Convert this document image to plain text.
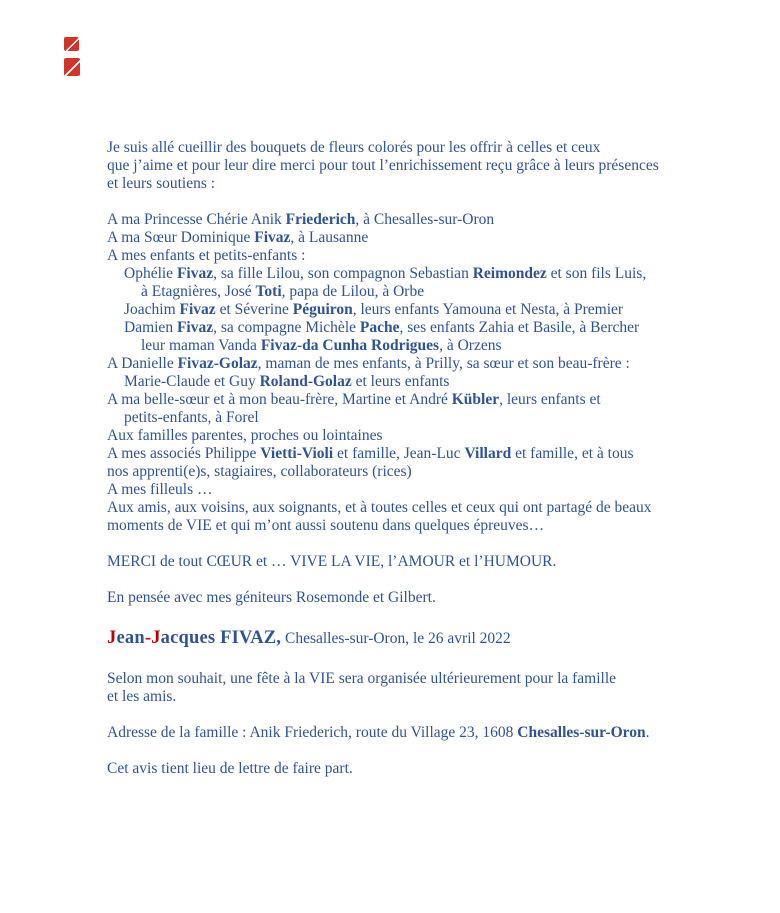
Je suis allé cueillir des bouquets de fleurs colorés pour les offrir à celles et ceux
que j’aime et pour leur dire merci pour tout l’enrichissement reçu grâce à leurs présences
et leurs soutiens :

A ma Princesse Chérie Anik Friederich, à Chesalles-sur-Oron
A ma Sœur Dominique Fivaz, à Lausanne
A mes enfants et petits-enfants :
Ophélie Fivaz, sa fille Lilou, son compagnon Sebastian Reimondez et son fils Luis,
à Etagnières, José Toti, papa de Lilou, à Orbe
Joachim Fivaz et Séverine Péguiron, leurs enfants Yamouna et Nesta, à Premier
Damien Fivaz, sa compagne Michèle Pache, ses enfants Zahia et Basile, à Bercher
leur maman Vanda Fivaz-da Cunha Rodrigues, à Orzens
A Danielle Fivaz-Golaz, maman de mes enfants, à Prilly, sa sœur et son beau-frère :
Marie-Claude et Guy Roland-Golaz et leurs enfants
A ma belle-sœur et à mon beau-frère, Martine et André Kübler, leurs enfants et
petits-enfants, à Forel
Aux familles parentes, proches ou lointaines
A mes associés Philippe Vietti-Violi et famille, Jean-Luc Villard et famille, et à tous
nos apprenti(e)s, stagiaires, collaborateurs (rices)
A mes filleuls …
Aux amis, aux voisins, aux soignants, et à toutes celles et ceux qui ont partagé de beaux
moments de VIE et qui m’ont aussi soutenu dans quelques épreuves…

MERCI de tout CŒUR et … VIVE LA VIE, l’AMOUR et l’HUMOUR.

En pensée avec mes géniteurs Rosemonde et Gilbert.

Jean-Jacques FIVAZ, Chesalles-sur-Oron, le 26 avril 2022

Selon mon souhait, une fête à la VIE sera organisée ultérieurement pour la famille
et les amis.

Adresse de la famille : Anik Friederich, route du Village 23, 1608 Chesalles-sur-Oron.

Cet avis tient lieu de lettre de faire part.
